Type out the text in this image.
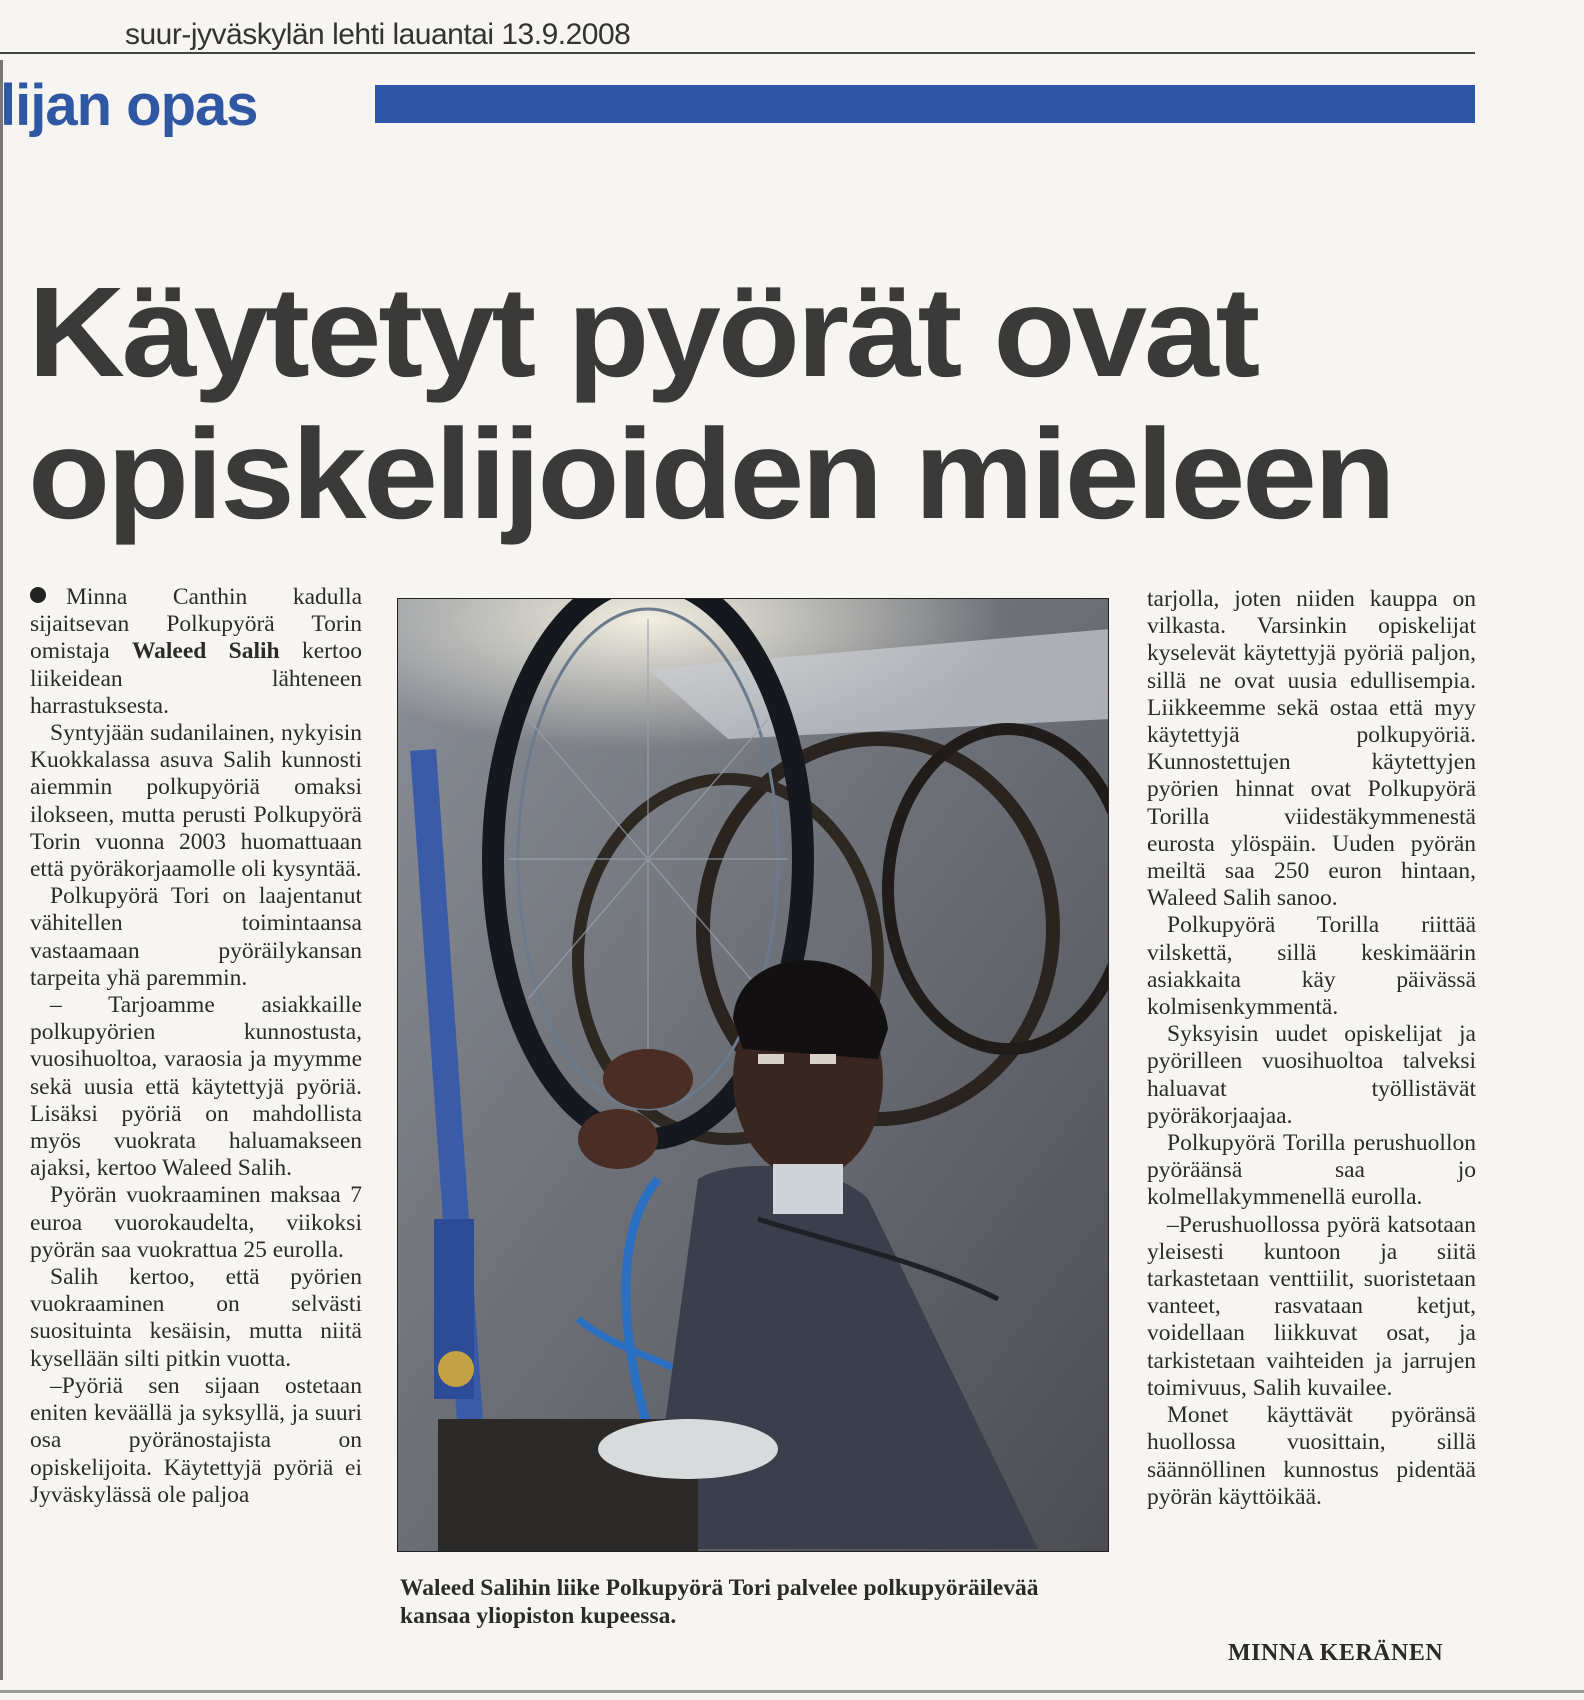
suur-jyväskylän lehti lauantai 13.9.2008
lijan opas
Käytetyt pyörät ovat
opiskelijoiden mieleen

Minna Canthin kadulla sijaitsevan Polkupyörä Torin omistaja Waleed Salih kertoo liikeidean lähteneen harrastuksesta.

Syntyjään sudanilainen, nykyisin Kuokkalassa asuva Salih kunnosti aiemmin polkupyöriä omaksi ilokseen, mutta perusti Polkupyörä Torin vuonna 2003 huomattuaan että pyöräkorjaamolle oli kysyntää.

Polkupyörä Tori on laajentanut vähitellen toimintaansa vastaamaan pyöräilykansan tarpeita yhä paremmin.

– Tarjoamme asiakkaille polkupyörien kunnostusta, vuosihuoltoa, varaosia ja myymme sekä uusia että käytettyjä pyöriä. Lisäksi pyöriä on mahdollista myös vuokrata haluamakseen ajaksi, kertoo Waleed Salih.

Pyörän vuokraaminen maksaa 7 euroa vuorokaudelta, viikoksi pyörän saa vuokrattua 25 eurolla.

Salih kertoo, että pyörien vuokraaminen on selvästi suosituinta kesäisin, mutta niitä kysellään silti pitkin vuotta.

–Pyöriä sen sijaan ostetaan eniten keväällä ja syksyllä, ja suuri osa pyöränostajista on opiskelijoita. Käytettyjä pyöriä ei Jyväskylässä ole paljoa

Waleed Salihin liike Polkupyörä Tori palvelee polkupyöräilevää kansaa yliopiston kupeessa.

tarjolla, joten niiden kauppa on vilkasta. Varsinkin opiskelijat kyselevät käytettyjä pyöriä paljon, sillä ne ovat uusia edullisempia. Liikkeemme sekä ostaa että myy käytettyjä polkupyöriä. Kunnostettujen käytettyjen pyörien hinnat ovat Polkupyörä Torilla viidestäkymmenestä eurosta ylöspäin. Uuden pyörän meiltä saa 250 euron hintaan, Waleed Salih sanoo.

Polkupyörä Torilla riittää vilskettä, sillä keskimäärin asiakkaita käy päivässä kolmisenkymmentä.

Syksyisin uudet opiskelijat ja pyörilleen vuosihuoltoa talveksi haluavat työllistävät pyöräkorjaajaa.

Polkupyörä Torilla perushuollon pyöräänsä saa jo kolmellakymmenellä eurolla.

–Perushuollossa pyörä katsotaan yleisesti kuntoon ja siitä tarkastetaan venttiilit, suoristetaan vanteet, rasvataan ketjut, voidellaan liikkuvat osat, ja tarkistetaan vaihteiden ja jarrujen toimivuus, Salih kuvailee.

Monet käyttävät pyöränsä huollossa vuosittain, sillä säännöllinen kunnostus pidentää pyörän käyttöikää.

MINNA KERÄNEN
